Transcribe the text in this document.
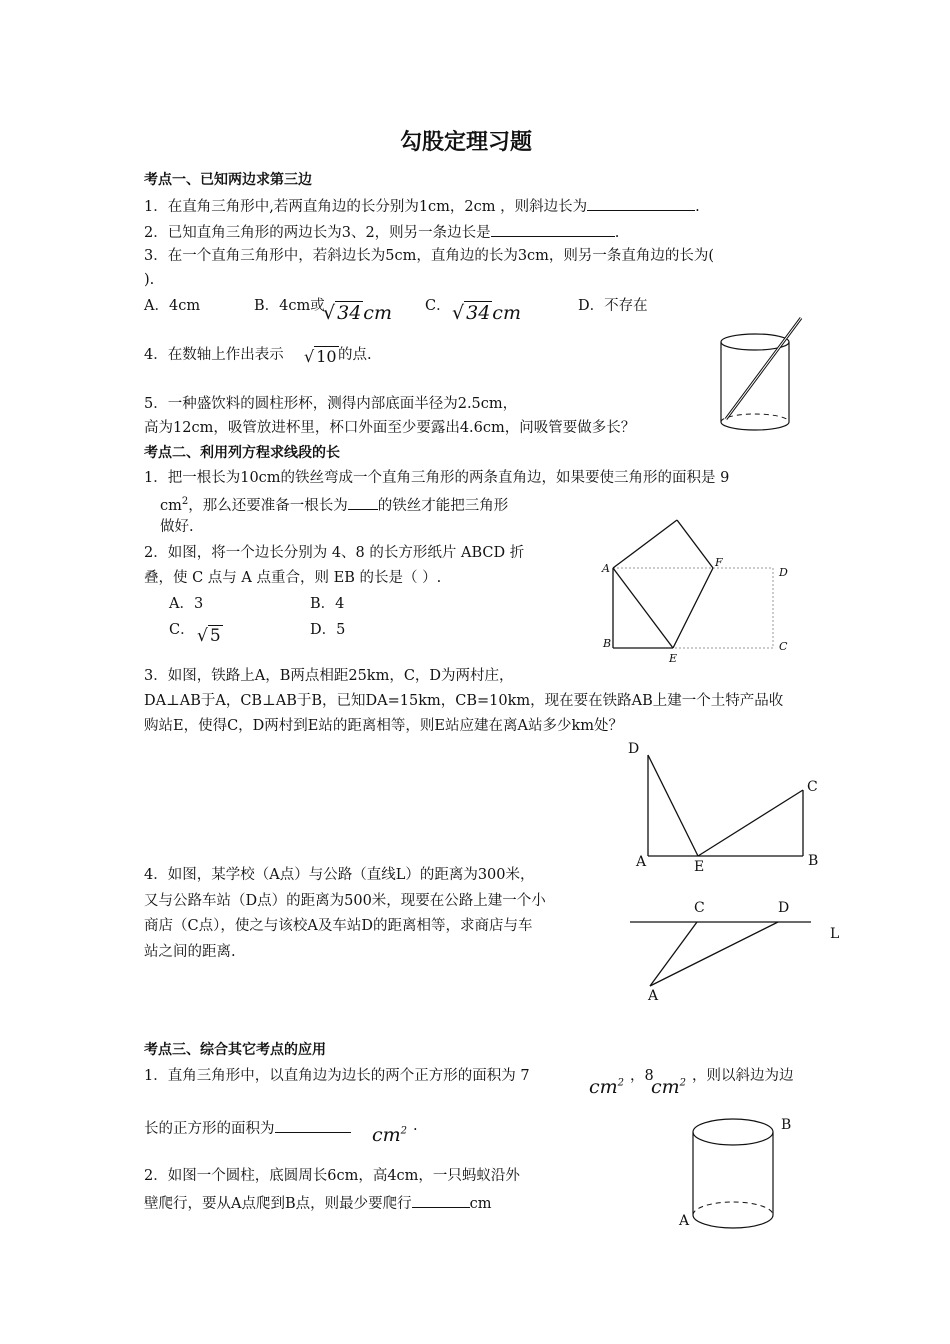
勾股定理习题
考点一、已知两边求第三边
1．在直角三角形中,若两直角边的长分别为1cm，2cm ，则斜边长为	.
2．已知直角三角形的两边长为3、2，则另一条边长是	.
3．在一个直角三角形中，若斜边长为5cm，直角边的长为3cm，则另一条直角边的长为(
).
A．4cm	B．4cm或
√ 34 cm C． √ 34 cm	D．不存在
4．在数轴上作出表示 √ 10 的点.
5．一种盛饮料的圆柱形杯，测得内部底面半径为2.5cm，
高为12cm，吸管放进杯里，杯口外面至少要露出4.6cm，问吸管要做多长？
考点二、利用列方程求线段的长
1．把一根长为10cm的铁丝弯成一个直角三角形的两条直角边，如果要使三角形的面积是 9
$cm^2$，那么还要准备一根长为 的铁丝才能把三角形
做好.
2．如图，将一个边长分别为 4、8 的长方形纸片 ABCD 折
叠，使 C 点与 A 点重合，则 EB 的长是（ ）.
A．3	B．4
C． √ 5	D．5
A
B	C
D
E
F
3．如图，铁路上A，B两点相距25km，C，D为两村庄，
DA⊥AB于A，CB⊥AB于B，已知DA=15km，CB=10km，现在要在铁路AB上建一个土特产品收
购站E，使得C，D两村到E站的距离相等，则E站应建在离A站多少km处？
D
A	B
C
E
4．如图，某学校（A点）与公路（直线L）的距离为300米，
又与公路车站（D点）的距离为500米，现要在公路上建一个小
商店（C点），使之与该校A及车站D的距离相等，求商店与车
站之间的距离.
C	D
L
A
考点三、综合其它考点的应用
1．直角三角形中，以直角边为边长的两个正方形的面积为 7	$cm^2$ ，8
$cm^2$ ，则以斜边为边
长的正方形的面积为	$cm^2$ .
2．如图一个圆柱，底圆周长6cm，高4cm，一只蚂蚁沿外
壁爬行，要从A点爬到B点，则最少要爬行	cm
B
A
